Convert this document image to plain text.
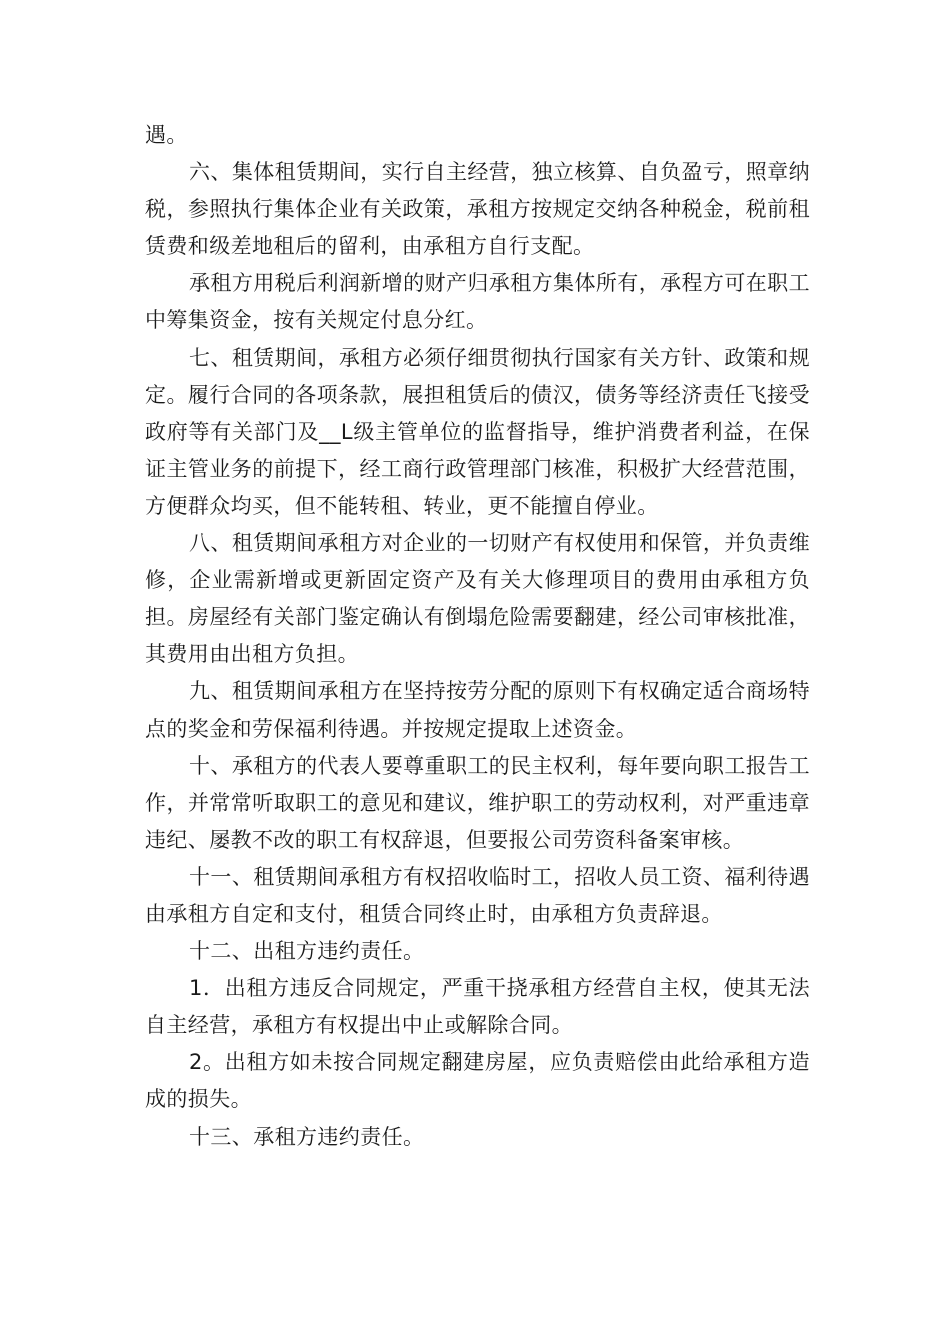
遇。

六、集体租赁期间，实行自主经营，独立核算、自负盈亏，照章纳税，参照执行集体企业有关政策，承租方按规定交纳各种税金，税前租赁费和级差地租后的留利，由承租方自行支配。

承租方用税后利润新增的财产归承租方集体所有，承程方可在职工中筹集资金，按有关规定付息分红。

七、租赁期间，承租方必须仔细贯彻执行国家有关方针、政策和规定。履行合同的各项条款，展担租赁后的债汉，债务等经济责任飞接受政府等有关部门及__L级主管单位的监督指导，维护消费者利益，在保证主管业务的前提下，经工商行政管理部门核准，积极扩大经营范围，方便群众均买，但不能转租、转业，更不能擅自停业。

八、租赁期间承租方对企业的一切财产有权使用和保管，并负责维修，企业需新增或更新固定资产及有关大修理项目的费用由承租方负担。房屋经有关部门鉴定确认有倒塌危险需要翻建，经公司审核批准，其费用由出租方负担。

九、租赁期间承租方在坚持按劳分配的原则下有权确定适合商场特点的奖金和劳保福利待遇。并按规定提取上述资金。

十、承租方的代表人要尊重职工的民主权利，每年要向职工报告工作，并常常听取职工的意见和建议，维护职工的劳动权利，对严重违章违纪、屡教不改的职工有权辞退，但要报公司劳资科备案审核。

十一、租赁期间承租方有权招收临时工，招收人员工资、福利待遇由承租方自定和支付，租赁合同终止时，由承租方负责辞退。

十二、出租方违约责任。

1．出租方违反合同规定，严重干挠承租方经营自主权，使其无法自主经营，承租方有权提出中止或解除合同。

2。出租方如未按合同规定翻建房屋，应负责赔偿由此给承租方造成的损失。

十三、承租方违约责任。
